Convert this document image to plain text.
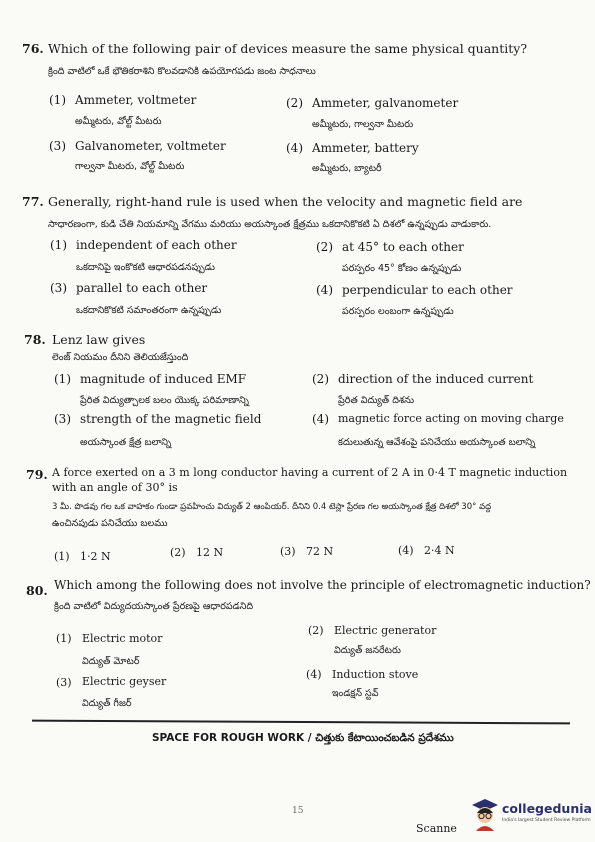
76. Which of the following pair of devices measure the same physical quantity?
క్రింది వాటిలో ఒకే భౌతికరాశిని కొలవడానికి ఉపయోగపడు జంట సాధనాలు
(1) Ammeter, voltmeter
అమ్మీటరు, వోల్ట్ మీటరు
(2) Ammeter, galvanometer
అమ్మీటరు, గాల్వనా మీటరు
(3) Galvanometer, voltmeter
గాల్వనా మీటరు, వోల్ట్ మీటరు
(4) Ammeter, battery
అమ్మీటరు, బ్యాటరీ
77. Generally, right-hand rule is used when the velocity and magnetic field are
సాధారణంగా, కుడి చేతి నియమాన్ని వేగము మరియు అయస్కాంత క్షేత్రము ఒకదానికొకటి ఏ దిశలో ఉన్నప్పుడు వాడుకారు.
(1) independent of each other
ఒకదానిపై ఇంకొకటి ఆధారపడనప్పుడు
(2) at 45° to each other
పరస్పరం 45° కోణం ఉన్నప్పుడు
(3) parallel to each other
ఒకదానికొకటి సమాంతరంగా ఉన్నప్పుడు
(4) perpendicular to each other
పరస్పరం లంబంగా ఉన్నప్పుడు
78. Lenz law gives
లెంజ్ నియమం దీనిని తెలియజేస్తుంది
(1) magnitude of induced EMF
ప్రేరిత విద్యుత్చాలక బలం యొక్క పరిమాణాన్ని
(2) direction of the induced current
ప్రేరిత విద్యుత్ దిశను
(3) strength of the magnetic field
అయస్కాంత క్షేత్ర బలాన్ని
(4) magnetic force acting on moving charge
కదులుతున్న ఆవేశంపై పనిచేయు అయస్కాంత బలాన్ని
79. A force exerted on a 3 m long conductor having a current of 2 A in 0·4 T magnetic induction
with an angle of 30° is
3 మీ. పొడవు గల ఒక వాహకం గుండా ప్రవహించు విద్యుత్ 2 ఆంపియర్. దీనిని 0.4 టెస్లా ప్రేరణ గల అయస్కాంత క్షేత్ర దిశలో 30° వద్ద
ఉంచినపుడు పనిచేయు బలము
(1) 1·2 N	(2) 12 N	(3) 72 N	(4) 2·4 N
80. Which among the following does not involve the principle of electromagnetic induction?
క్రింది వాటిలో విద్యుదయస్కాంత ప్రేరణపై ఆధారపడనిది
(1) Electric motor
విద్యుత్ మోటర్
(2) Electric generator
విద్యుత్ జనరేటరు
(3) Electric geyser
విద్యుత్ గీజర్
(4) Induction stove
ఇండక్షన్ స్టవ్
SPACE FOR ROUGH WORK / చిత్తుకు కేటాయించబడిన ప్రదేశము
15
Scanne
collegedunia
India's largest Student Review Platform
